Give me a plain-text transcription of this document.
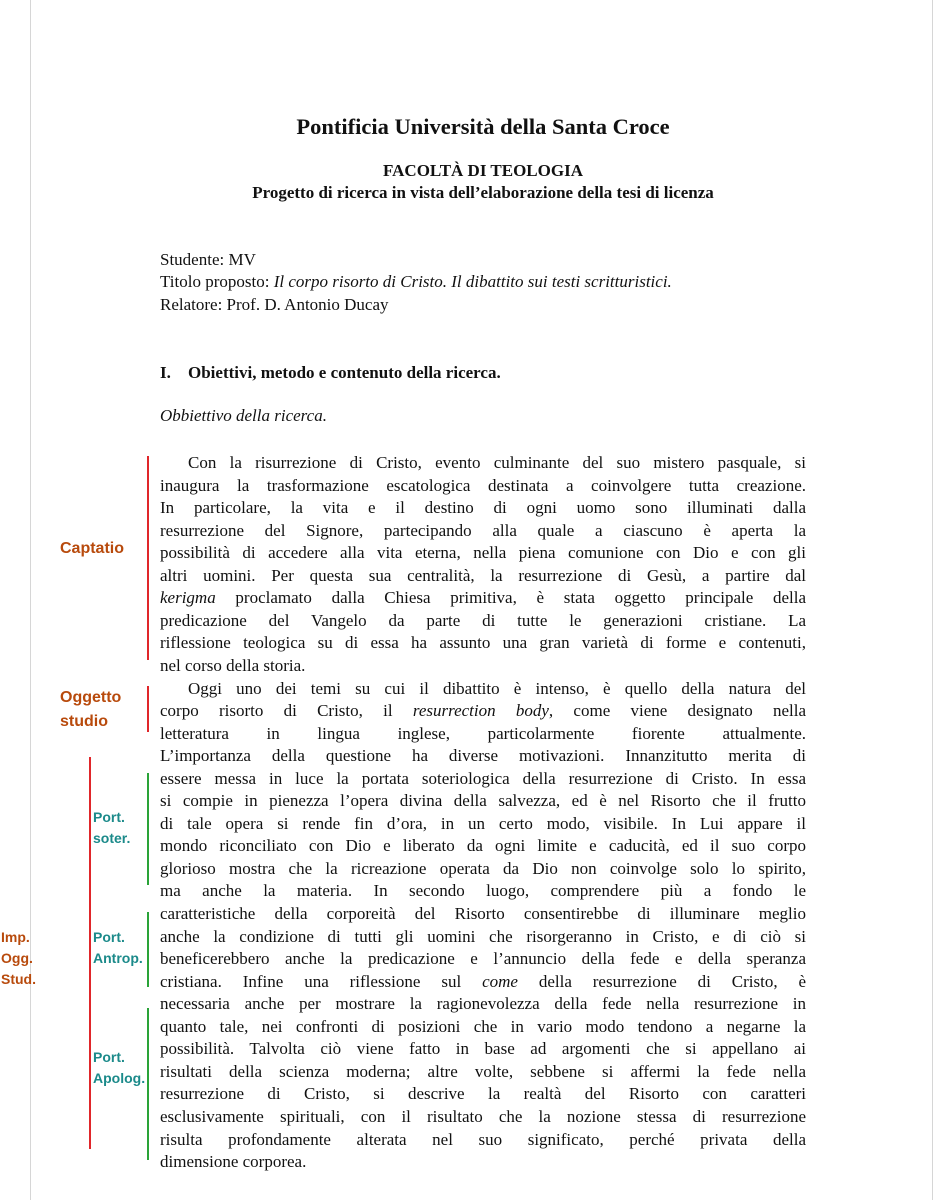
Pontificia Università della Santa Croce
FACOLTÀ DI TEOLOGIA
Progetto di ricerca in vista dell’elaborazione della tesi di licenza
Studente: MV
Titolo proposto: Il corpo risorto di Cristo. Il dibattito sui testi scritturistici.
Relatore: Prof. D. Antonio Ducay
I. Obiettivi, metodo e contenuto della ricerca.
Obbiettivo della ricerca.
Con la risurrezione di Cristo, evento culminante del suo mistero pasquale, si
inaugura la trasformazione escatologica destinata a coinvolgere tutta creazione.
In particolare, la vita e il destino di ogni uomo sono illuminati dalla
resurrezione del Signore, partecipando alla quale a ciascuno è aperta la
possibilità di accedere alla vita eterna, nella piena comunione con Dio e con gli
altri uomini. Per questa sua centralità, la resurrezione di Gesù, a partire dal
kerigma proclamato dalla Chiesa primitiva, è stata oggetto principale della
predicazione del Vangelo da parte di tutte le generazioni cristiane. La
riflessione teologica su di essa ha assunto una gran varietà di forme e contenuti,
nel corso della storia.
Oggi uno dei temi su cui il dibattito è intenso, è quello della natura del
corpo risorto di Cristo, il resurrection body, come viene designato nella
letteratura in lingua inglese, particolarmente fiorente attualmente.
L’importanza della questione ha diverse motivazioni. Innanzitutto merita di
essere messa in luce la portata soteriologica della resurrezione di Cristo. In essa
si compie in pienezza l’opera divina della salvezza, ed è nel Risorto che il frutto
di tale opera si rende fin d’ora, in un certo modo, visibile. In Lui appare il
mondo riconciliato con Dio e liberato da ogni limite e caducità, ed il suo corpo
glorioso mostra che la ricreazione operata da Dio non coinvolge solo lo spirito,
ma anche la materia. In secondo luogo, comprendere più a fondo le
caratteristiche della corporeità del Risorto consentirebbe di illuminare meglio
anche la condizione di tutti gli uomini che risorgeranno in Cristo, e di ciò si
beneficerebbero anche la predicazione e l’annuncio della fede e della speranza
cristiana. Infine una riflessione sul come della resurrezione di Cristo, è
necessaria anche per mostrare la ragionevolezza della fede nella resurrezione in
quanto tale, nei confronti di posizioni che in vario modo tendono a negarne la
possibilità. Talvolta ciò viene fatto in base ad argomenti che si appellano ai
risultati della scienza moderna; altre volte, sebbene si affermi la fede nella
resurrezione di Cristo, si descrive la realtà del Risorto con caratteri
esclusivamente spirituali, con il risultato che la nozione stessa di resurrezione
risulta profondamente alterata nel suo significato, perché privata della
dimensione corporea.
Captatio
Oggetto
studio
Imp.
Ogg.
Stud.
Port.
soter.
Port.
Antrop.
Port.
Apolog.
